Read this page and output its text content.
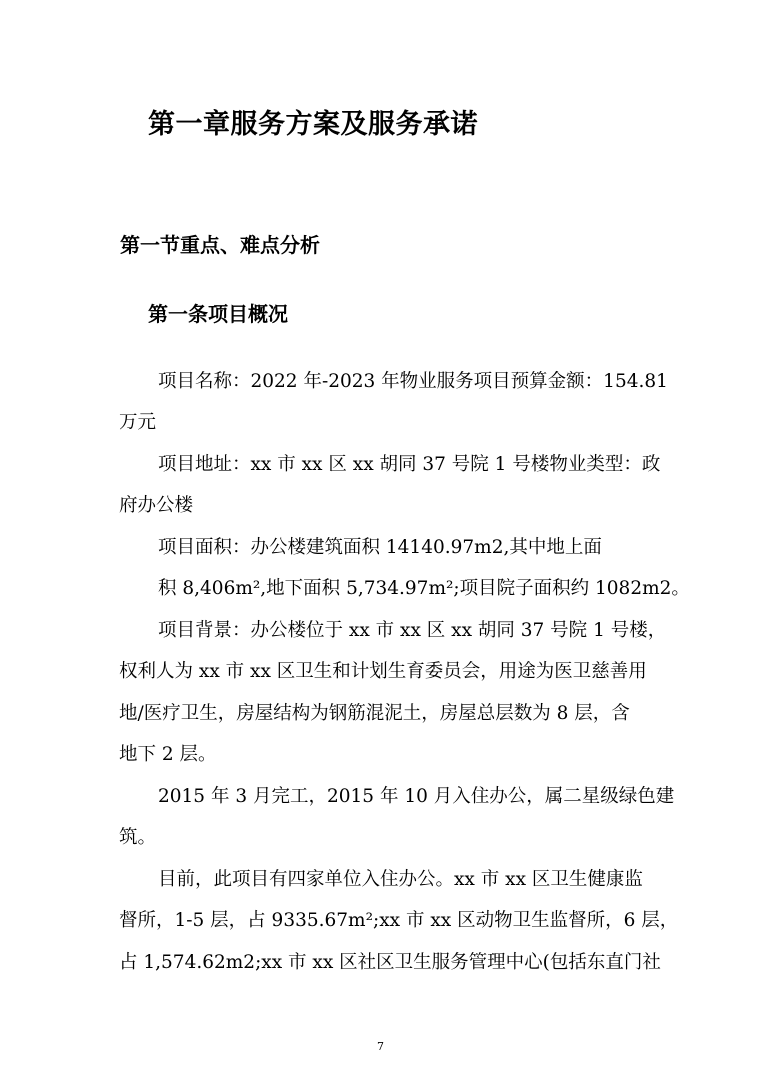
第一章服务方案及服务承诺
第一节重点、难点分析
第一条项目概况
项目名称：2022 年-2023 年物业服务项目预算金额：154.81
万元
项目地址：xx 市 xx 区 xx 胡同 37 号院 1 号楼物业类型：政
府办公楼
项目面积：办公楼建筑面积 14140.97m2,其中地上面
积 8,406m²,地下面积 5,734.97m²;项目院子面积约 1082m2。
项目背景：办公楼位于 xx 市 xx 区 xx 胡同 37 号院 1 号楼，
权利人为 xx 市 xx 区卫生和计划生育委员会，用途为医卫慈善用
地/医疗卫生，房屋结构为钢筋混泥土，房屋总层数为 8 层，含
地下 2 层。
2015 年 3 月完工，2015 年 10 月入住办公，属二星级绿色建
筑。
目前，此项目有四家单位入住办公。xx 市 xx 区卫生健康监
督所，1-5 层，占 9335.67m²;xx 市 xx 区动物卫生监督所，6 层，
占 1,574.62m2;xx 市 xx 区社区卫生服务管理中心(包括东直门社
7
